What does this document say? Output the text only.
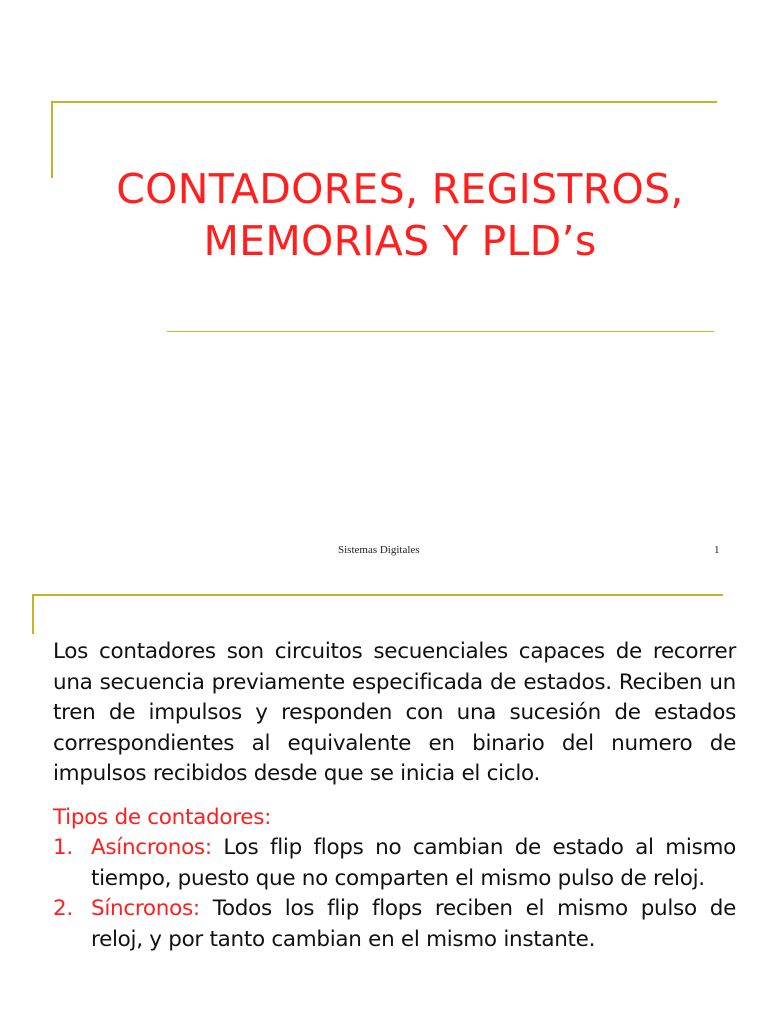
CONTADORES, REGISTROS,
MEMORIAS Y PLD’s
Sistemas Digitales	1

Los contadores son circuitos secuenciales capaces de recorrer una secuencia previamente especificada de estados. Reciben un tren de impulsos y responden con una sucesión de estados correspondientes al equivalente en binario del numero de impulsos recibidos desde que se inicia el ciclo.

Tipos de contadores:

1. Asíncronos: Los flip flops no cambian de estado al mismo tiempo, puesto que no comparten el mismo pulso de reloj.
2. Síncronos: Todos los flip flops reciben el mismo pulso de reloj, y por tanto cambian en el mismo instante.
